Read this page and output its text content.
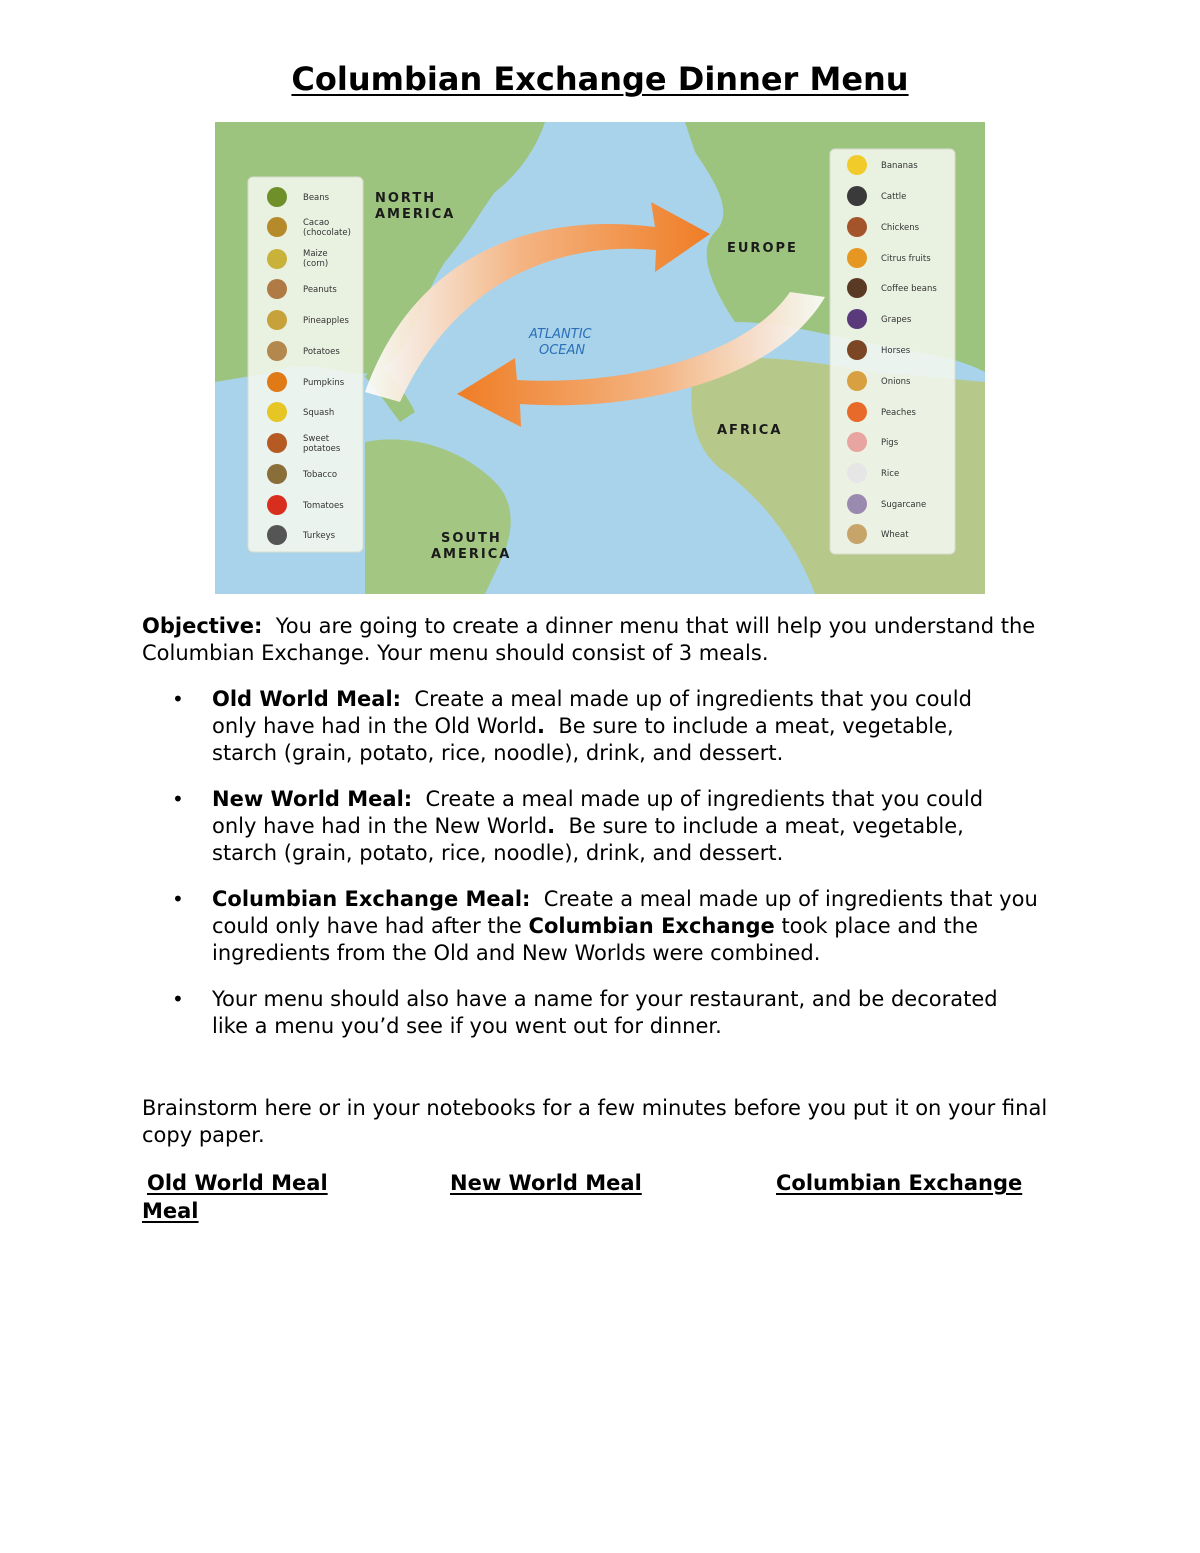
Columbian Exchange Dinner Menu
NORTH
AMERICA
EUROPE
AFRICA
SOUTH
AMERICA
ATLANTIC
OCEAN
Beans
Cacao
(chocolate)
Maize
(corn)
Peanuts
Pineapples
Potatoes
Pumpkins
Squash
Sweet
potatoes
Tobacco
Tomatoes
Turkeys
Bananas
Cattle
Chickens
Citrus fruits
Coffee beans
Grapes
Horses
Onions
Peaches
Pigs
Rice
Sugarcane
Wheat

Objective: You are going to create a dinner menu that will help you understand the Columbian Exchange. Your menu should consist of 3 meals.

• Old World Meal: Create a meal made up of ingredients that you could only have had in the Old World. Be sure to include a meat, vegetable, starch (grain, potato, rice, noodle), drink, and dessert.
• New World Meal: Create a meal made up of ingredients that you could only have had in the New World. Be sure to include a meat, vegetable, starch (grain, potato, rice, noodle), drink, and dessert.
• Columbian Exchange Meal: Create a meal made up of ingredients that you could only have had after the Columbian Exchange took place and the ingredients from the Old and New Worlds were combined.
• Your menu should also have a name for your restaurant, and be decorated like a menu you’d see if you went out for dinner.

Brainstorm here or in your notebooks for a few minutes before you put it on your final copy paper.

Old World Meal	New World Meal	Columbian Exchange
Meal
